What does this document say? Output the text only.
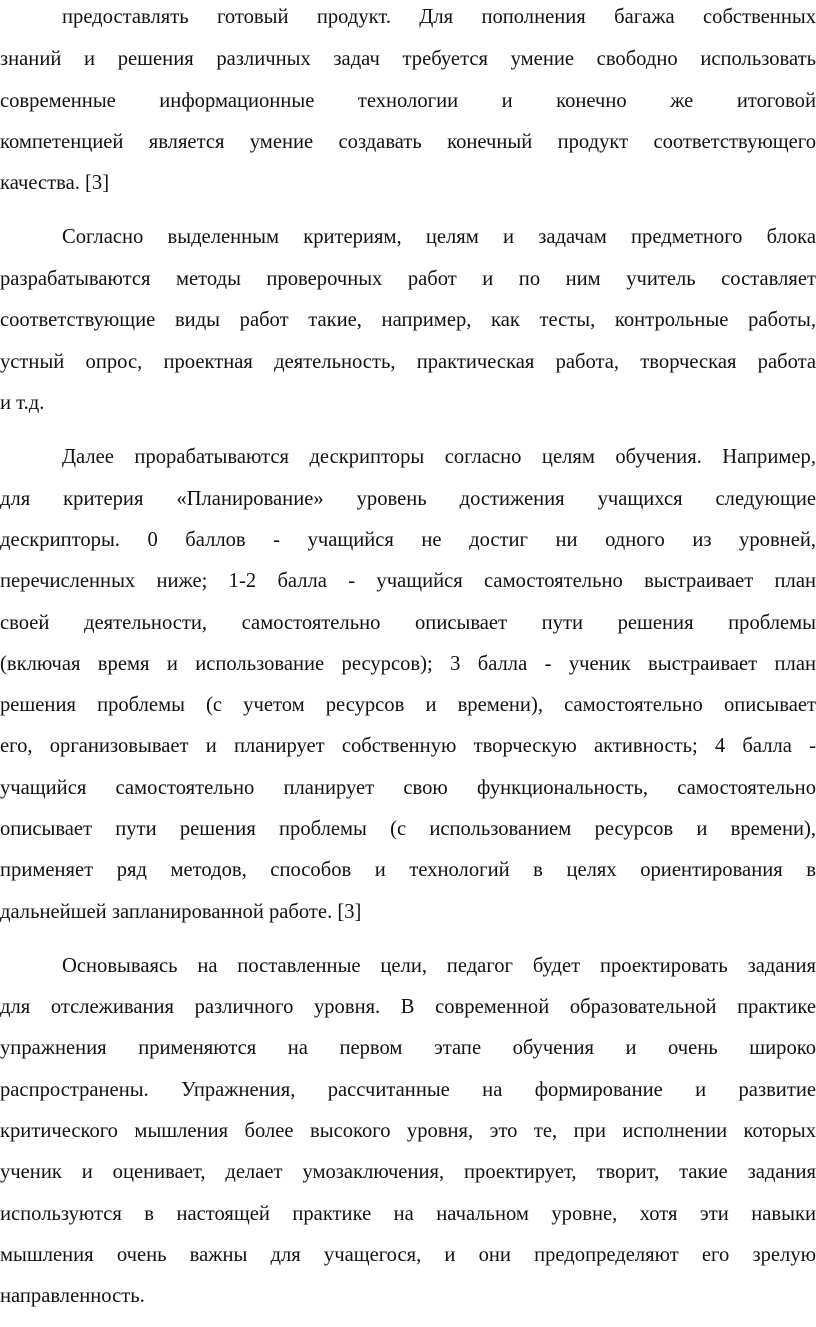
предоставлять готовый продукт. Для пополнения багажа собственных
знаний и решения различных задач требуется умение свободно использовать
современные информационные технологии и конечно же итоговой
компетенцией является умение создавать конечный продукт соответствующего
качества. [3]
Согласно выделенным критериям, целям и задачам предметного блока
разрабатываются методы проверочных работ и по ним учитель составляет
соответствующие виды работ такие, например, как тесты, контрольные работы,
устный опрос, проектная деятельность, практическая работа, творческая работа
и т.д.
Далее прорабатываются дескрипторы согласно целям обучения. Например,
для критерия «Планирование» уровень достижения учащихся следующие
дескрипторы. 0 баллов - учащийся не достиг ни одного из уровней,
перечисленных ниже; 1-2 балла - учащийся самостоятельно выстраивает план
своей деятельности, самостоятельно описывает пути решения проблемы
(включая время и использование ресурсов); 3 балла - ученик выстраивает план
решения проблемы (с учетом ресурсов и времени), самостоятельно описывает
его, организовывает и планирует собственную творческую активность; 4 балла -
учащийся самостоятельно планирует свою функциональность, самостоятельно
описывает пути решения проблемы (с использованием ресурсов и времени),
применяет ряд методов, способов и технологий в целях ориентирования в
дальнейшей запланированной работе. [3]
Основываясь на поставленные цели, педагог будет проектировать задания
для отслеживания различного уровня. В современной образовательной практике
упражнения применяются на первом этапе обучения и очень широко
распространены. Упражнения, рассчитанные на формирование и развитие
критического мышления более высокого уровня, это те, при исполнении которых
ученик и оценивает, делает умозаключения, проектирует, творит, такие задания
используются в настоящей практике на начальном уровне, хотя эти навыки
мышления очень важны для учащегося, и они предопределяют его зрелую
направленность.
